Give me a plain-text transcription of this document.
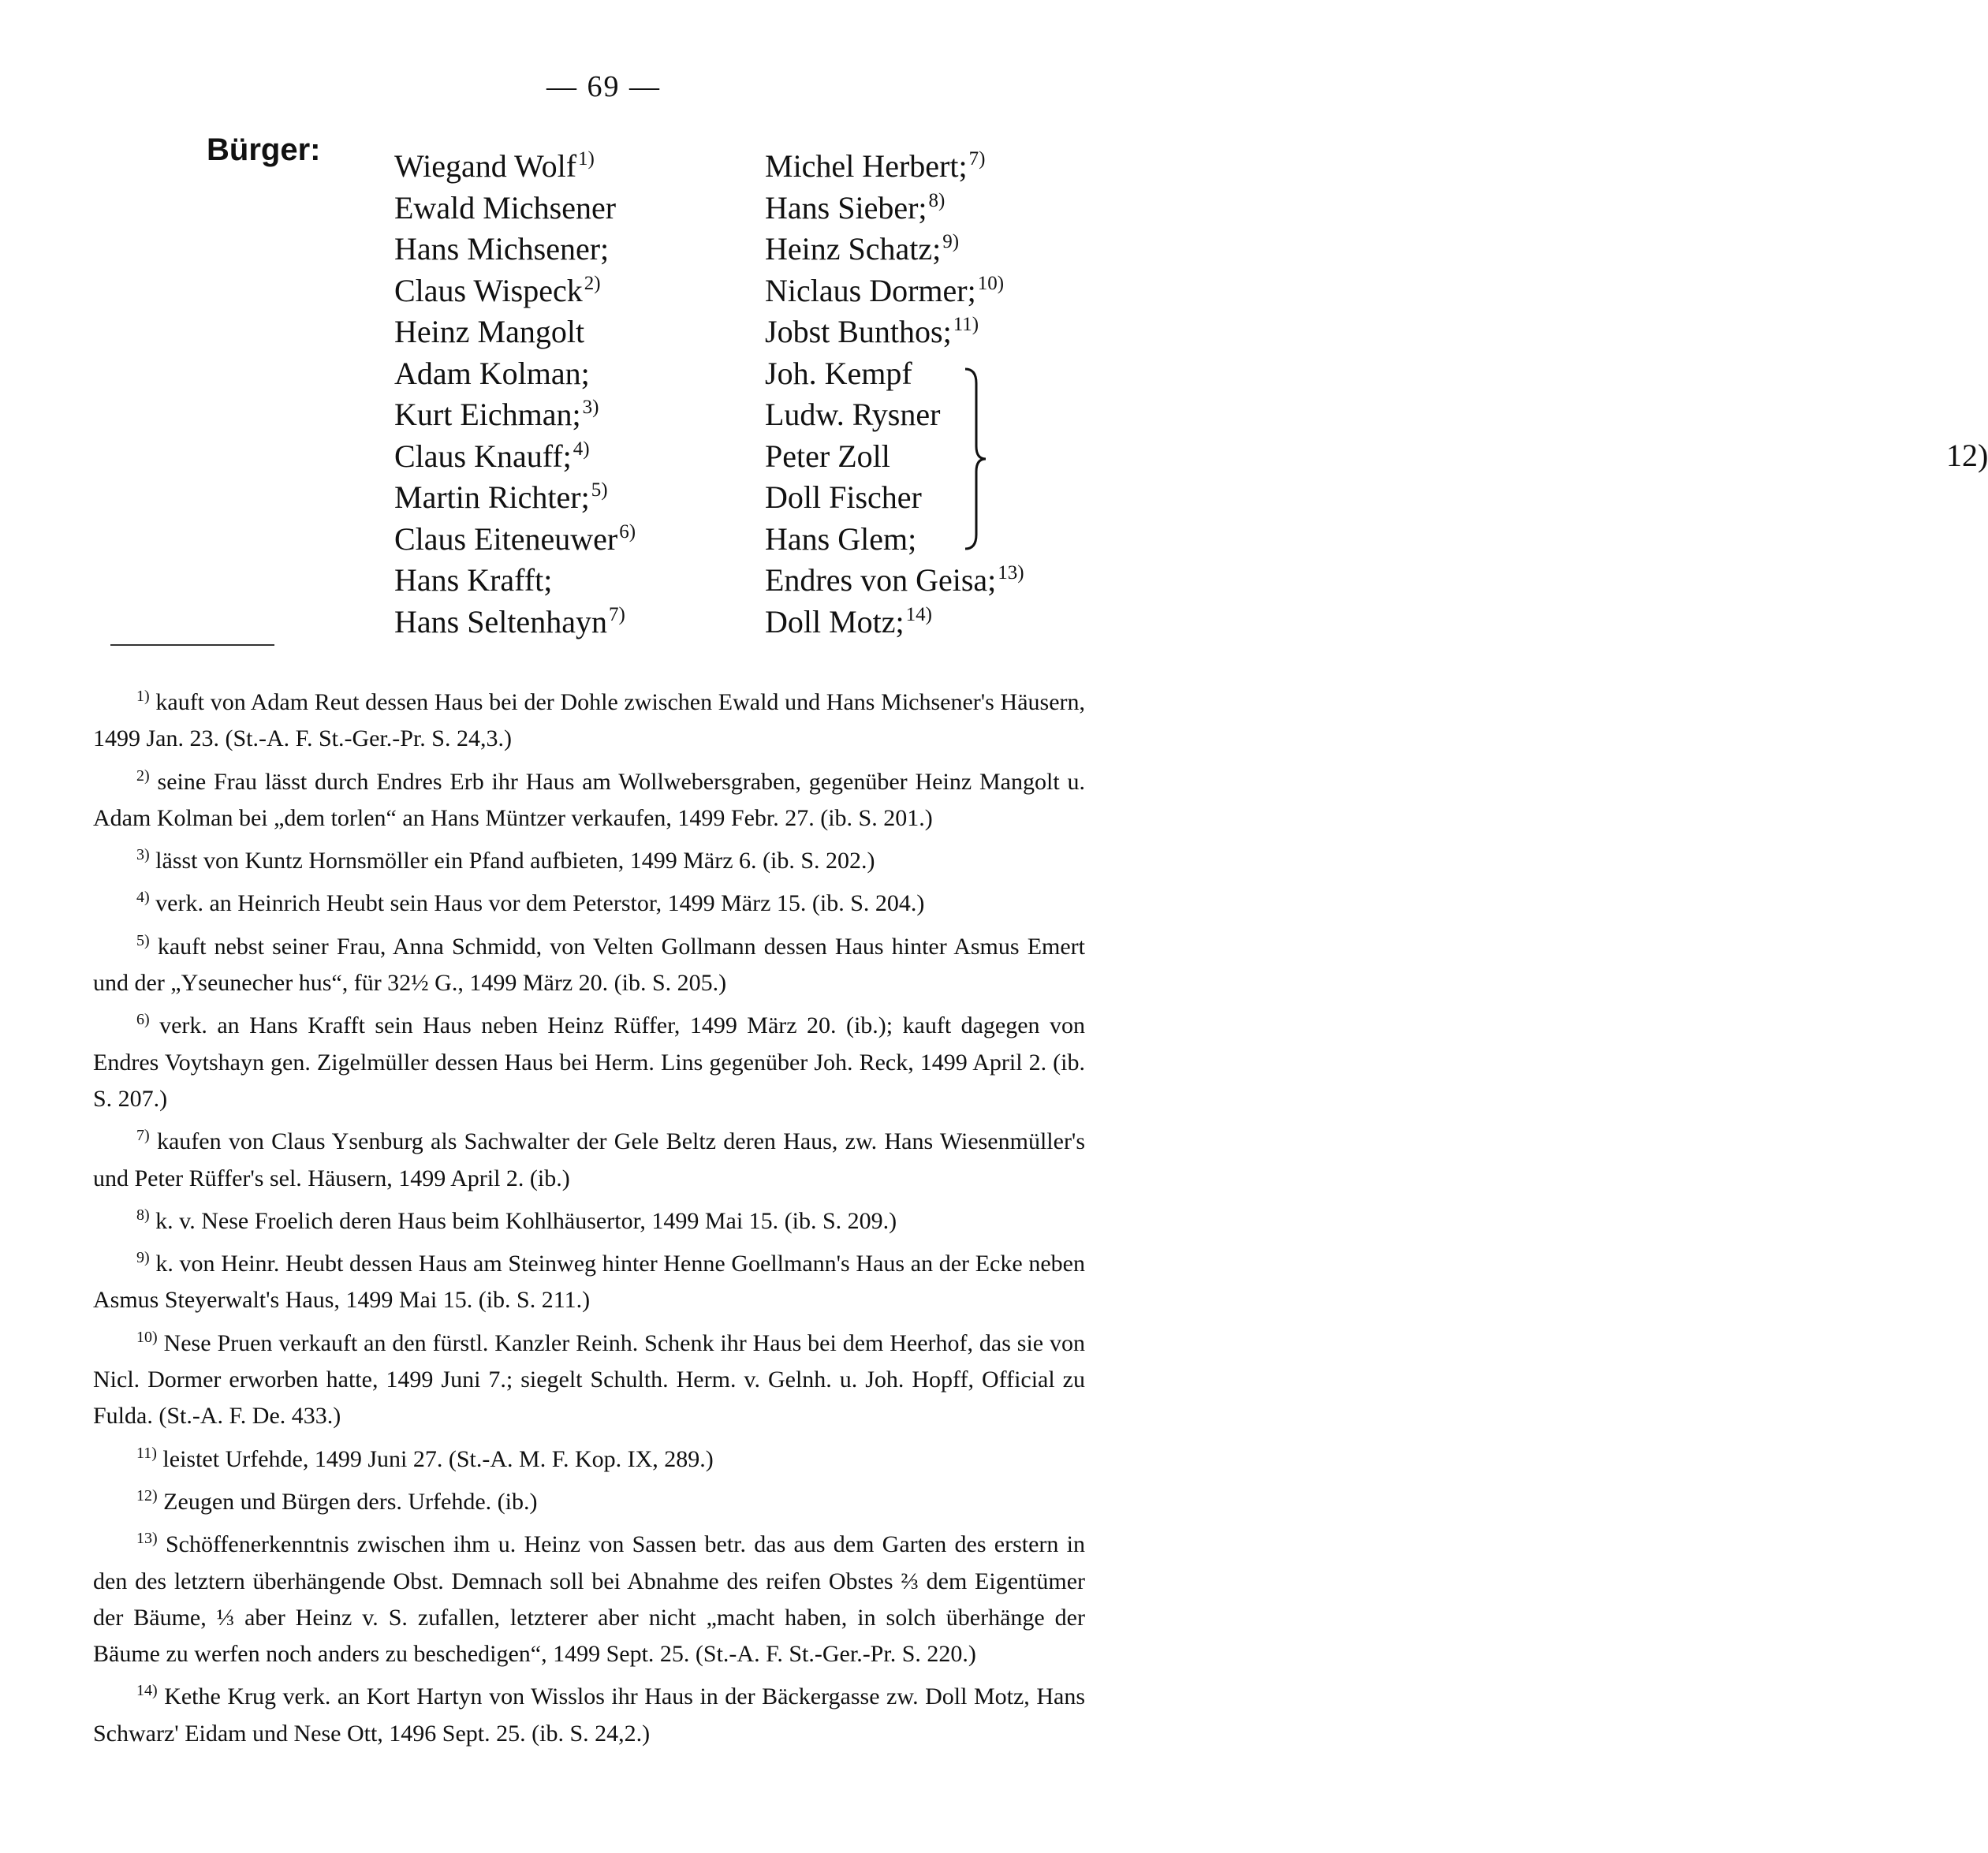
— 69 —
Bürger: Wiegand Wolf$^{1)}$
Ewald Michsener
Hans Michsener;
Claus Wispeck$^{2)}$
Heinz Mangolt
Adam Kolman;
Kurt Eichman;$^{3)}$
Claus Knauff;$^{4)}$
Martin Richter;$^{5)}$
Claus Eiteneuwer$^{6)}$
Hans Krafft;
Hans Seltenhayn$^{7)}$
Michel Herbert;$^{7)}$
Hans Sieber;$^{8)}$
Heinz Schatz;$^{9)}$
Niclaus Dormer;$^{10)}$
Jobst Bunthos;$^{11)}$
Joh. Kempf
Ludw. Rysner
Peter Zoll
Doll Fischer
Hans Glem;
Endres von Geisa;$^{13)}$
Doll Motz;$^{14)}$
12)

$^{1)}$ kauft von Adam Reut dessen Haus bei der Dohle zwischen Ewald und Hans Michsener's Häusern, 1499 Jan. 23. (St.-A. F. St.-Ger.-Pr. S. 24,3.)

$^{2)}$ seine Frau lässt durch Endres Erb ihr Haus am Wollwebersgraben, gegenüber Heinz Mangolt u. Adam Kolman bei „dem torlen“ an Hans Müntzer verkaufen, 1499 Febr. 27. (ib. S. 201.)

$^{3)}$ lässt von Kuntz Hornsmöller ein Pfand aufbieten, 1499 März 6. (ib. S. 202.)

$^{4)}$ verk. an Heinrich Heubt sein Haus vor dem Peterstor, 1499 März 15. (ib. S. 204.)

$^{5)}$ kauft nebst seiner Frau, Anna Schmidd, von Velten Gollmann dessen Haus hinter Asmus Emert und der „Yseunecher hus“, für 32½ G., 1499 März 20. (ib. S. 205.)

$^{6)}$ verk. an Hans Krafft sein Haus neben Heinz Rüffer, 1499 März 20. (ib.); kauft dagegen von Endres Voytshayn gen. Zigelmüller dessen Haus bei Herm. Lins gegenüber Joh. Reck, 1499 April 2. (ib. S. 207.)

$^{7)}$ kaufen von Claus Ysenburg als Sachwalter der Gele Beltz deren Haus, zw. Hans Wiesenmüller's und Peter Rüffer's sel. Häusern, 1499 April 2. (ib.)

$^{8)}$ k. v. Nese Froelich deren Haus beim Kohlhäusertor, 1499 Mai 15. (ib. S. 209.)

$^{9)}$ k. von Heinr. Heubt dessen Haus am Steinweg hinter Henne Goellmann's Haus an der Ecke neben Asmus Steyerwalt's Haus, 1499 Mai 15. (ib. S. 211.)

$^{10)}$ Nese Pruen verkauft an den fürstl. Kanzler Reinh. Schenk ihr Haus bei dem Heerhof, das sie von Nicl. Dormer erworben hatte, 1499 Juni 7.; siegelt Schulth. Herm. v. Gelnh. u. Joh. Hopff, Official zu Fulda. (St.-A. F. De. 433.)

$^{11)}$ leistet Urfehde, 1499 Juni 27. (St.-A. M. F. Kop. IX, 289.)

$^{12)}$ Zeugen und Bürgen ders. Urfehde. (ib.)

$^{13)}$ Schöffenerkenntnis zwischen ihm u. Heinz von Sassen betr. das aus dem Garten des erstern in den des letztern überhängende Obst. Demnach soll bei Abnahme des reifen Obstes ⅔ dem Eigentümer der Bäume, ⅓ aber Heinz v. S. zufallen, letzterer aber nicht „macht haben, in solch überhänge der Bäume zu werfen noch anders zu beschedigen“, 1499 Sept. 25. (St.-A. F. St.-Ger.-Pr. S. 220.)

$^{14)}$ Kethe Krug verk. an Kort Hartyn von Wisslos ihr Haus in der Bäckergasse zw. Doll Motz, Hans Schwarz' Eidam und Nese Ott, 1496 Sept. 25. (ib. S. 24,2.)
